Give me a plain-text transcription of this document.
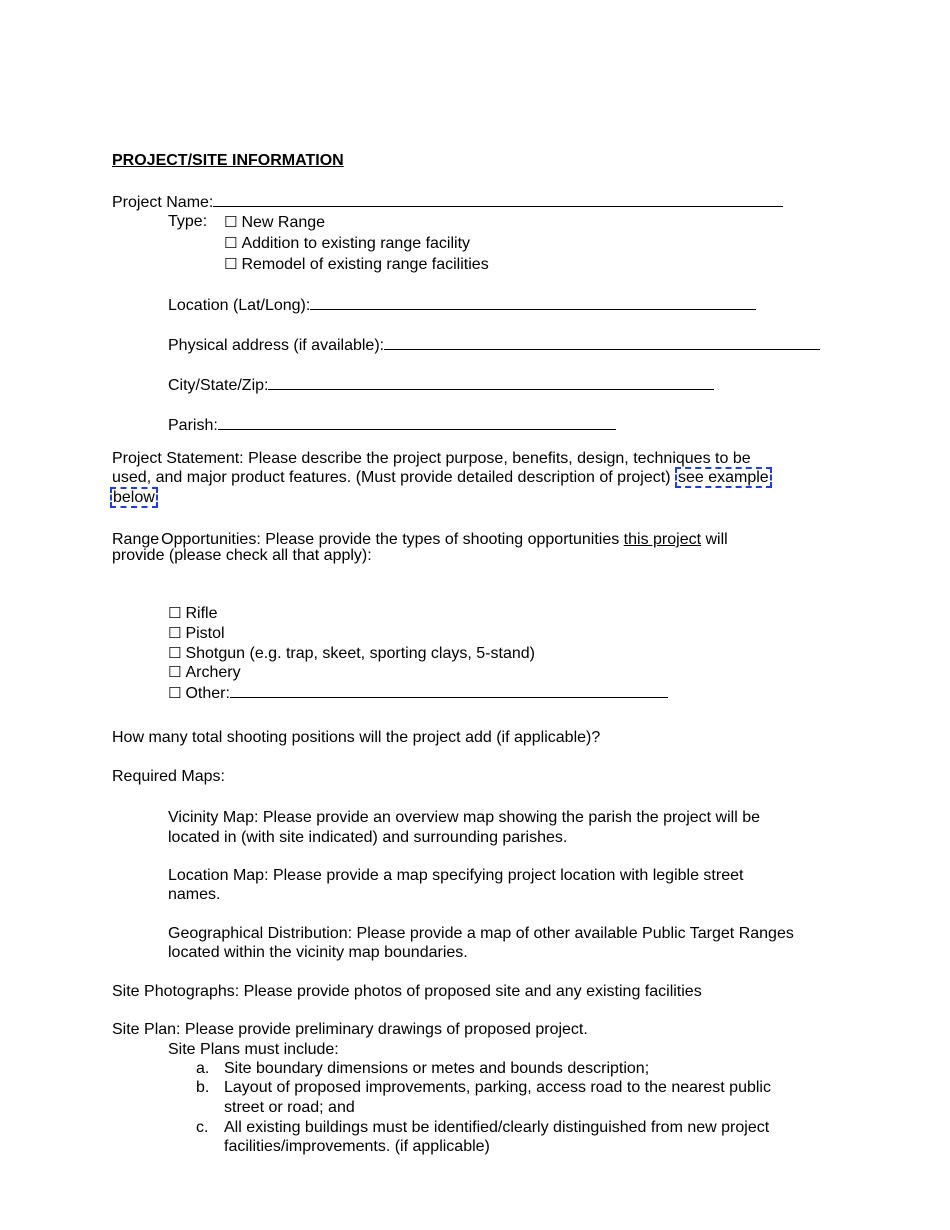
PROJECT/SITE INFORMATION
Project Name:
Type: ☐ New Range
☐ Addition to existing range facility
☐ Remodel of existing range facilities
Location (Lat/Long):
Physical address (if available):
City/State/Zip:
Parish:
Project Statement: Please describe the project purpose, benefits, design, techniques to be
used, and major product features. (Must provide detailed description of project) see example
below
Range Opportunities: Please provide the types of shooting opportunities this project will
provide (please check all that apply):
☐ Rifle
☐ Pistol
☐ Shotgun (e.g. trap, skeet, sporting clays, 5-stand)
☐ Archery
☐ Other:
How many total shooting positions will the project add (if applicable)?
Required Maps:
Vicinity Map: Please provide an overview map showing the parish the project will be
located in (with site indicated) and surrounding parishes.
Location Map: Please provide a map specifying project location with legible street
names.
Geographical Distribution: Please provide a map of other available Public Target Ranges
located within the vicinity map boundaries.
Site Photographs: Please provide photos of proposed site and any existing facilities
Site Plan: Please provide preliminary drawings of proposed project.
Site Plans must include:
a. Site boundary dimensions or metes and bounds description;
b. Layout of proposed improvements, parking, access road to the nearest public
street or road; and
c. All existing buildings must be identified/clearly distinguished from new project
facilities/improvements. (if applicable)
